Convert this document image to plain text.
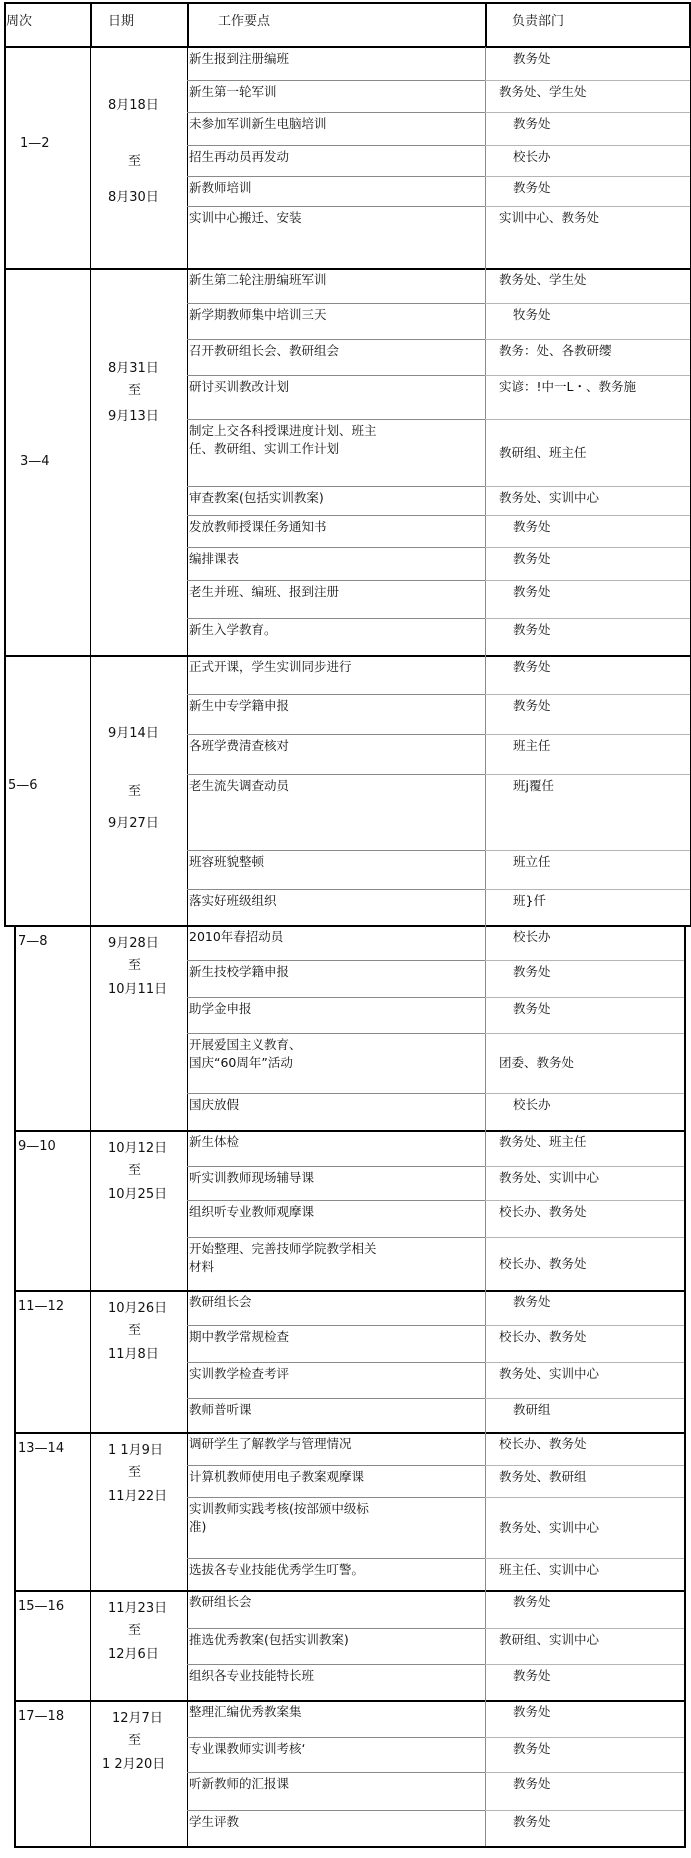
周次	日期	工作要点	负责部门
1—2
8月18日
至
8月30日
新生报到注册编班	教务处
新生第一轮军训	教务处、学生处
未参加军训新生电脑培训	教务处
招生再动员再发动	校长办
新教师培训	教务处
实训中心搬迁、安装	实训中心、教务处
3—4
8月31日
至
9月13日
新生第二轮注册编班军训	教务处、学生处
新学期教师集中培训三天	牧务处
召开教研组长会、教研组会	教务：处、各教研缨
研讨买训教改计划	实谚：!中一L・、教务施
制定上交各科授课进度计划、班主
任、教研组、实训工作计划	教研组、班主任
审查教案(包括实训教案)	教务处、实训中心
发放教师授课任务通知书	教务处
编排课表	教务处
老生并班、编班、报到注册	教务处
新生入学教育。	教务处
5—6
9月14日
至
9月27日
正式开课，学生实训同步进行	教务处
新生中专学籍申报	教务处
各班学费清查核对	班主任
老生流失调查动员	班j覆任
班容班貌整顿	班立任
落实好班级组织	班}仟
7—8	9月28日
至
10月11日
2010年春招动员	校长办
新生技校学籍申报	教务处
助学金申报	教务处
开展爱国主义教育、
国庆“60周年”活动	团委、教务处
国庆放假	校长办
9—10	10月12日
至
10月25日
新生体检	教务处、班主任
听实训教师现场辅导课	教务处、实训中心
组织听专业教师观摩课	校长办、教务处
开始整理、完善技师学院教学相关
材料	校长办、教务处
11—12	10月26日
至
11月8日
教研组长会	教务处
期中教学常规检查	校长办、教务处
实训教学检查考评	教务处、实训中心
教师普听课	教研组
13—14	1 1月9日
至
11月22日
调研学生了解教学与管理情况	校长办、教务处
计算机教师使用电子教案观摩课	教务处、教研组
实训教师实践考核(按部颁中级标
准)	教务处、实训中心
选拔各专业技能优秀学生叮警。	班主任、实训中心
15—16	11月23日
至
12月6日
教研组长会	教务处
推选优秀教案(包括实训教案)	教研组、实训中心
组织各专业技能特长班	教务处
17—18	12月7日
至
1 2月20日
整理汇编优秀教案集	教务处
专业课教师实训考核‘	教务处
听新教师的汇报课	教务处
学生评教	教务处
